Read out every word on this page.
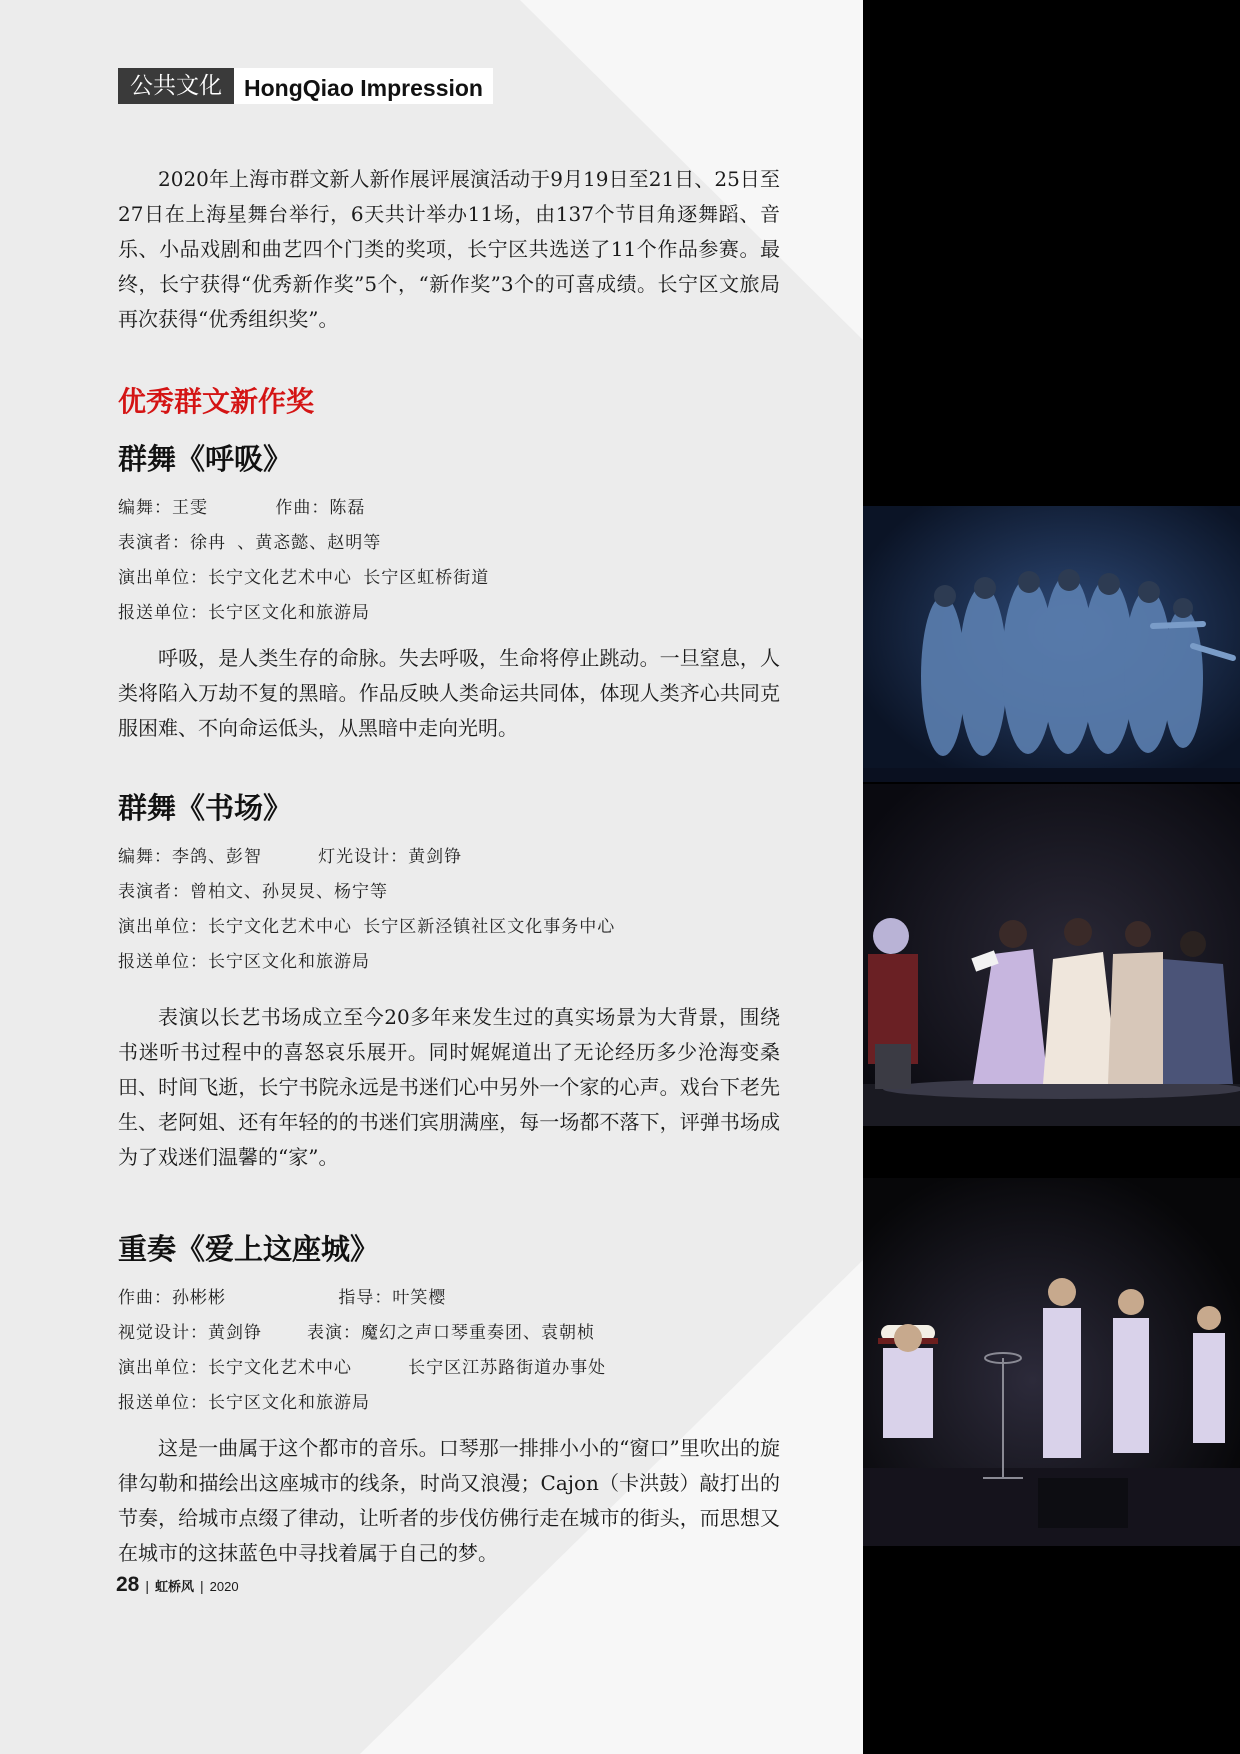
公共文化 HongQiao Impression

2020年上海市群文新人新作展评展演活动于9月19日至21日、25日至27日在上海星舞台举行，6天共计举办11场，由137个节目角逐舞蹈、音乐、小品戏剧和曲艺四个门类的奖项，长宁区共选送了11个作品参赛。最终，长宁获得“优秀新作奖”5个，“新作奖”3个的可喜成绩。长宁区文旅局再次获得“优秀组织奖”。

优秀群文新作奖
群舞《呼吸》
编舞：王雯      作曲：陈磊
表演者：徐冉 、黄忞懿、赵明等
演出单位：长宁文化艺术中心 长宁区虹桥街道
报送单位：长宁区文化和旅游局

呼吸，是人类生存的命脉。失去呼吸，生命将停止跳动。一旦窒息，人类将陷入万劫不复的黑暗。作品反映人类命运共同体，体现人类齐心共同克服困难、不向命运低头，从黑暗中走向光明。

群舞《书场》
编舞：李鸽、彭智     灯光设计：黄剑铮
表演者：曾柏文、孙炅炅、杨宁等
演出单位：长宁文化艺术中心 长宁区新泾镇社区文化事务中心
报送单位：长宁区文化和旅游局

表演以长艺书场成立至今20多年来发生过的真实场景为大背景，围绕书迷听书过程中的喜怒哀乐展开。同时娓娓道出了无论经历多少沧海变桑田、时间飞逝，长宁书院永远是书迷们心中另外一个家的心声。戏台下老先生、老阿姐、还有年轻的的书迷们宾朋满座，每一场都不落下，评弹书场成为了戏迷们温馨的“家”。

重奏《爱上这座城》
作曲：孙彬彬          指导：叶笑樱
视觉设计：黄剑铮    表演：魔幻之声口琴重奏团、袁朝桢
演出单位：长宁文化艺术中心     长宁区江苏路街道办事处
报送单位：长宁区文化和旅游局

这是一曲属于这个都市的音乐。口琴那一排排小小的“窗口”里吹出的旋律勾勒和描绘出这座城市的线条，时尚又浪漫；Cajon（卡洪鼓）敲打出的节奏，给城市点缀了律动，让听者的步伐仿佛行走在城市的街头，而思想又在城市的这抹蓝色中寻找着属于自己的梦。

28 | 虹桥风 | 2020
